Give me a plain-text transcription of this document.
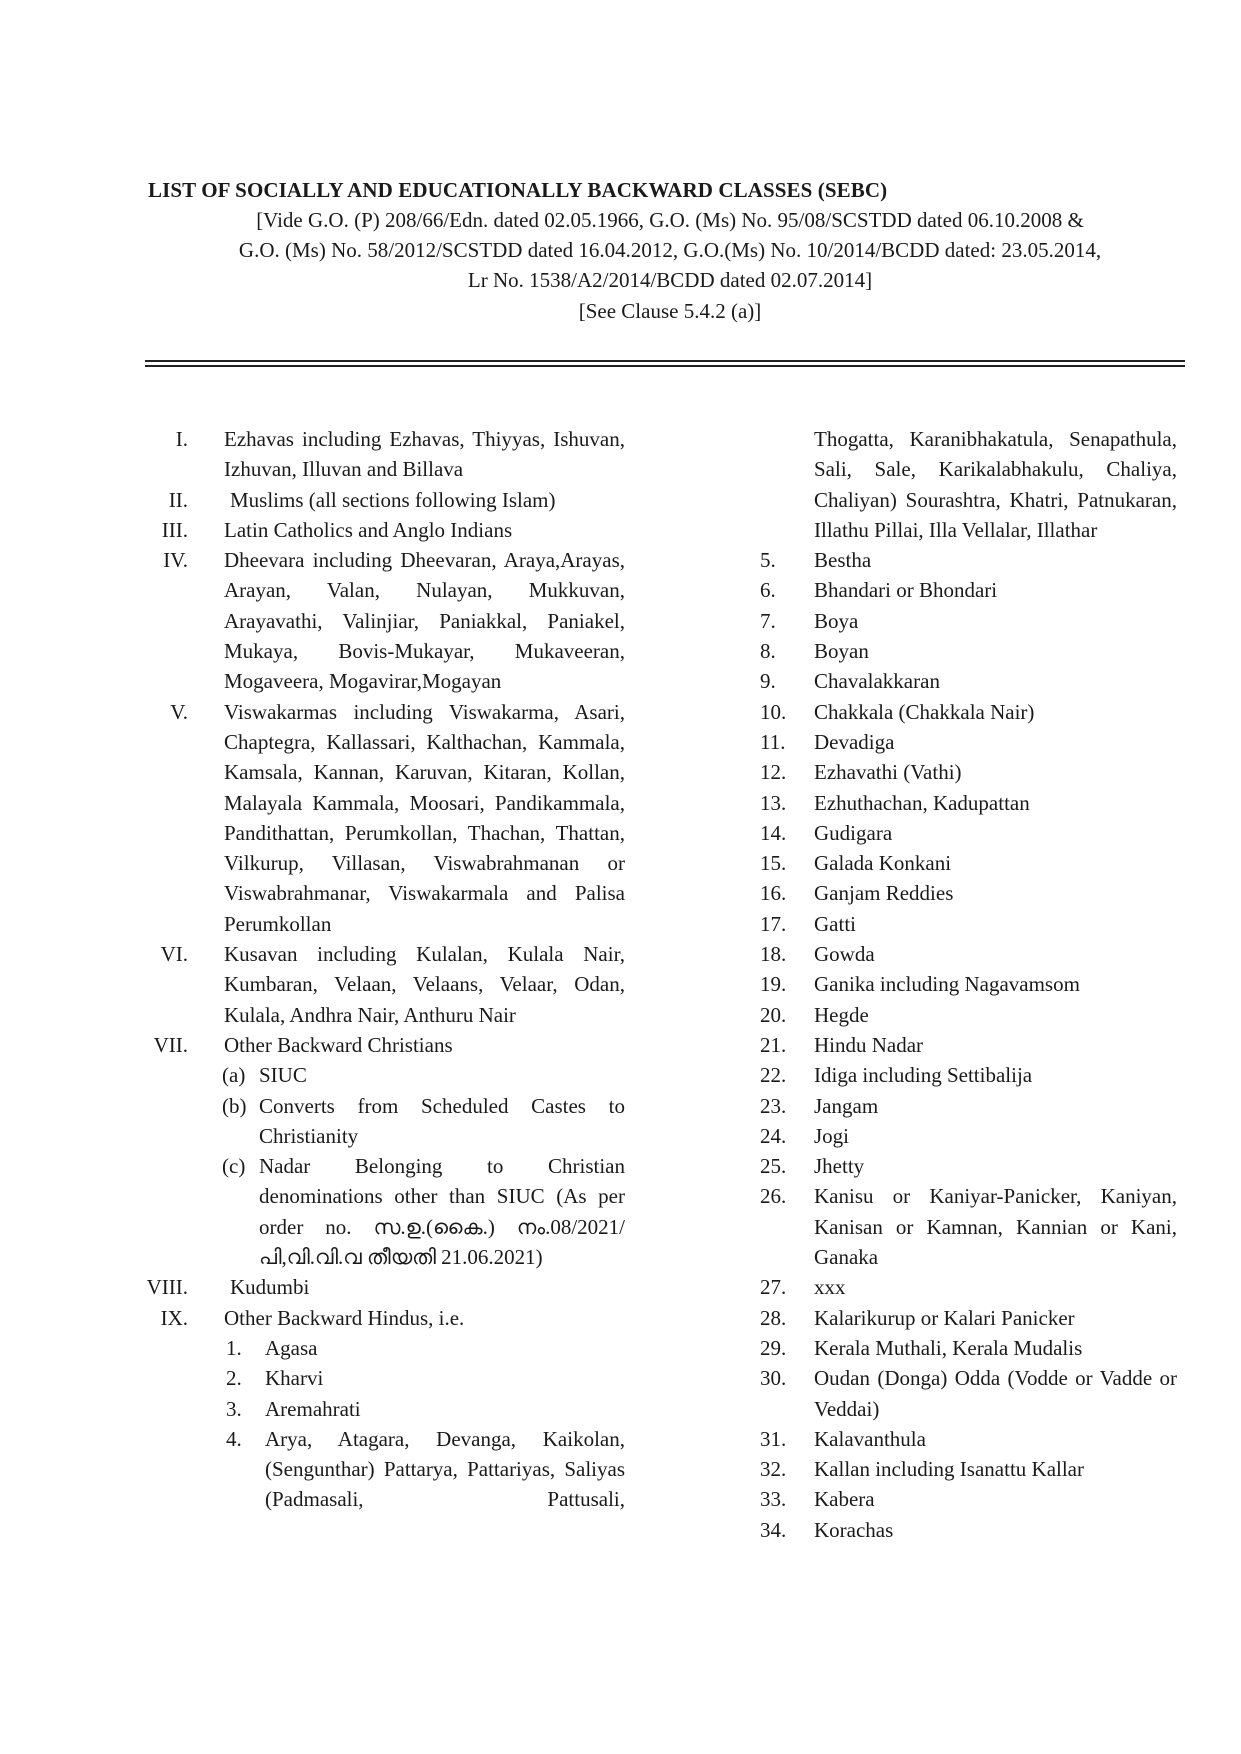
LIST OF SOCIALLY AND EDUCATIONALLY BACKWARD CLASSES (SEBC)
[Vide G.O. (P) 208/66/Edn. dated 02.05.1966, G.O. (Ms) No. 95/08/SCSTDD dated 06.10.2008 &
G.O. (Ms) No. 58/2012/SCSTDD dated 16.04.2012, G.O.(Ms) No. 10/2014/BCDD dated: 23.05.2014,
Lr No. 1538/A2/2014/BCDD dated 02.07.2014]
[See Clause 5.4.2 (a)]
I. Ezhavas including Ezhavas, Thiyyas, Ishuvan, Izhuvan, Illuvan and Billava
II. Muslims (all sections following Islam)
III. Latin Catholics and Anglo Indians
IV. Dheevara including Dheevaran, Araya,Arayas, Arayan, Valan, Nulayan, Mukkuvan, Arayavathi, Valinjiar, Paniakkal, Paniakel, Mukaya, Bovis-Mukayar, Mukaveeran, Mogaveera, Mogavirar,Mogayan
V. Viswakarmas including Viswakarma, Asari, Chaptegra, Kallassari, Kalthachan, Kammala, Kamsala, Kannan, Karuvan, Kitaran, Kollan, Malayala Kammala, Moosari, Pandikammala, Pandithattan, Perumkollan, Thachan, Thattan, Vilkurup, Villasan, Viswabrahmanan or Viswabrahmanar, Viswakarmala and Palisa Perumkollan
VI. Kusavan including Kulalan, Kulala Nair, Kumbaran, Velaan, Velaans, Velaar, Odan, Kulala, Andhra Nair, Anthuru Nair
VII. Other Backward Christians
(a) SIUC
(b) Converts from Scheduled Castes to Christianity
(c) Nadar Belonging to Christian denominations other than SIUC (As per order no. സ.ഉ.(കൈ.) നം.08/2021/ പി,വി.വി.വ തീയതി 21.06.2021)
VIII. Kudumbi
IX. Other Backward Hindus, i.e.
1.	Agasa
2.	Kharvi
3.	Aremahrati
4.	Arya, Atagara, Devanga, Kaikolan, (Sengunthar) Pattarya, Pattariyas, Saliyas (Padmasali, Pattusali,
Thogatta, Karanibhakatula, Senapathula, Sali, Sale, Karikalabhakulu, Chaliya, Chaliyan) Sourashtra, Khatri, Patnukaran, Illathu Pillai, Illa Vellalar, Illathar
5.	Bestha
6.	Bhandari or Bhondari
7.	Boya
8.	Boyan
9.	Chavalakkaran
10.	Chakkala (Chakkala Nair)
11.	Devadiga
12.	Ezhavathi (Vathi)
13.	Ezhuthachan, Kadupattan
14.	Gudigara
15.	Galada Konkani
16.	Ganjam Reddies
17.	Gatti
18.	Gowda
19.	Ganika including Nagavamsom
20.	Hegde
21.	Hindu Nadar
22.	Idiga including Settibalija
23.	Jangam
24.	Jogi
25.	Jhetty
26.	Kanisu or Kaniyar-Panicker, Kaniyan, Kanisan or Kamnan, Kannian or Kani, Ganaka
27.	xxx
28.	Kalarikurup or Kalari Panicker
29.	Kerala Muthali, Kerala Mudalis
30.	Oudan (Donga) Odda (Vodde or Vadde or Veddai)
31.	Kalavanthula
32.	Kallan including Isanattu Kallar
33.	Kabera
34.	Korachas
